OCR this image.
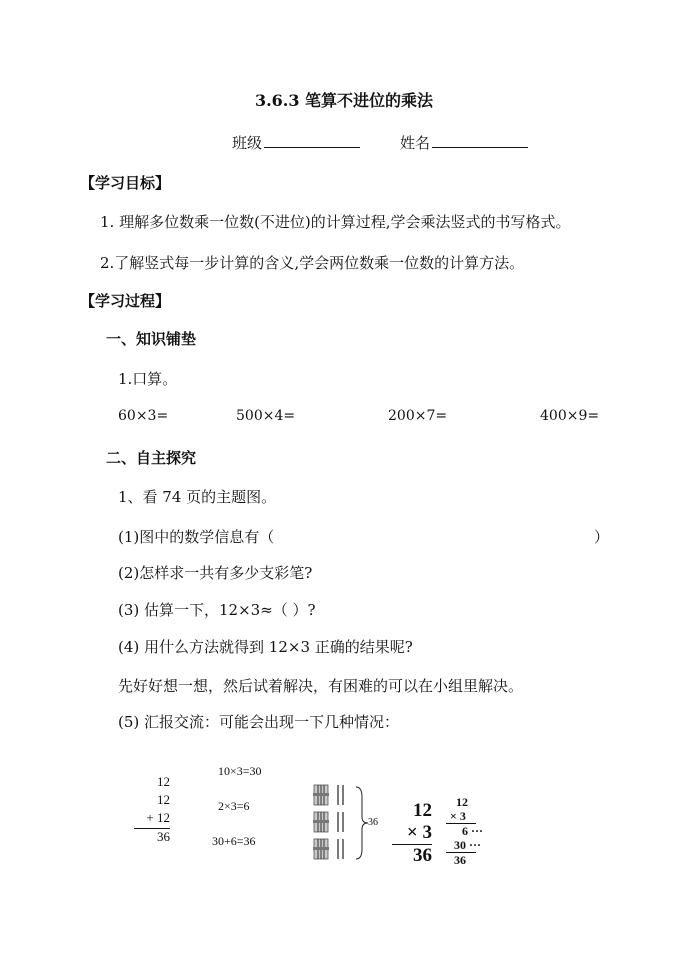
3.6.3 笔算不进位的乘法
班级	姓名
【学习目标】
1. 理解多位数乘一位数(不进位)的计算过程,学会乘法竖式的书写格式。
2.了解竖式每一步计算的含义,学会两位数乘一位数的计算方法。
【学习过程】
一、知识铺垫
1.口算。
60×3=	500×4=	200×7=	400×9=
二、自主探究
1、看 74 页的主题图。
(1)图中的数学信息有（	）
(2)怎样求一共有多少支彩笔?
(3) 估算一下，12×3≈（ ）?
(4) 用什么方法就得到 12×3 正确的结果呢?
先好好想一想，然后试着解决，有困难的可以在小组里解决。
(5) 汇报交流：可能会出现一下几种情况：
12
12
+ 12
36
10×3=30
2×3=6
30+6=36
36
12
× 3
36
12
× 3
6 ···
30 ···
36
